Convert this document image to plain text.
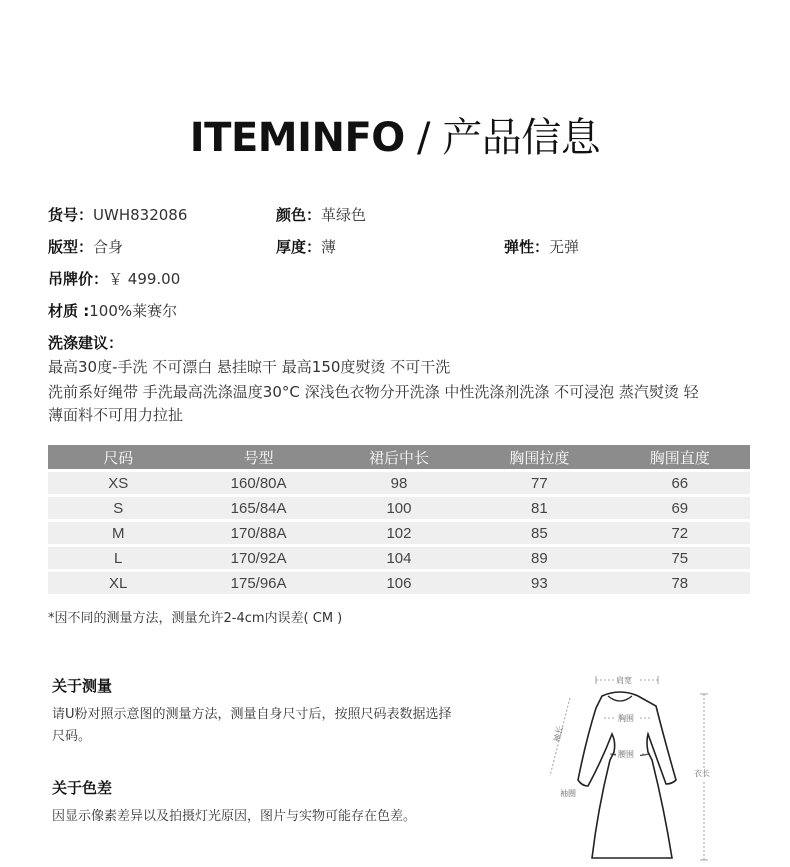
ITEMINFO / 产品信息
货号：UWH832086	颜色：革绿色
版型：合身	厚度：薄	弹性：无弹
吊牌价：￥ 499.00
材质 :100%莱赛尔
洗涤建议：
最高30度-手洗 不可漂白 悬挂晾干 最高150度熨烫 不可干洗
洗前系好绳带 手洗最高洗涤温度30°C 深浅色衣物分开洗涤 中性洗涤剂洗涤 不可浸泡 蒸汽熨烫 轻
薄面料不可用力拉扯
尺码	号型	裙后中长	胸围拉度	胸围直度
XS	160/80A	98	77	66
S	165/84A	100	81	69
M	170/88A	102	85	72
L	170/92A	104	89	75
XL	175/96A	106	93	78
*因不同的测量方法，测量允许2-4cm内误差( CM )
关于测量
请U粉对照示意图的测量方法，测量自身尺寸后，按照尺码表数据选择
尺码。
关于色差
因显示像素差异以及拍摄灯光原因，图片与实物可能存在色差。
肩宽
胸围
腰围
袖长
袖圈
衣长
